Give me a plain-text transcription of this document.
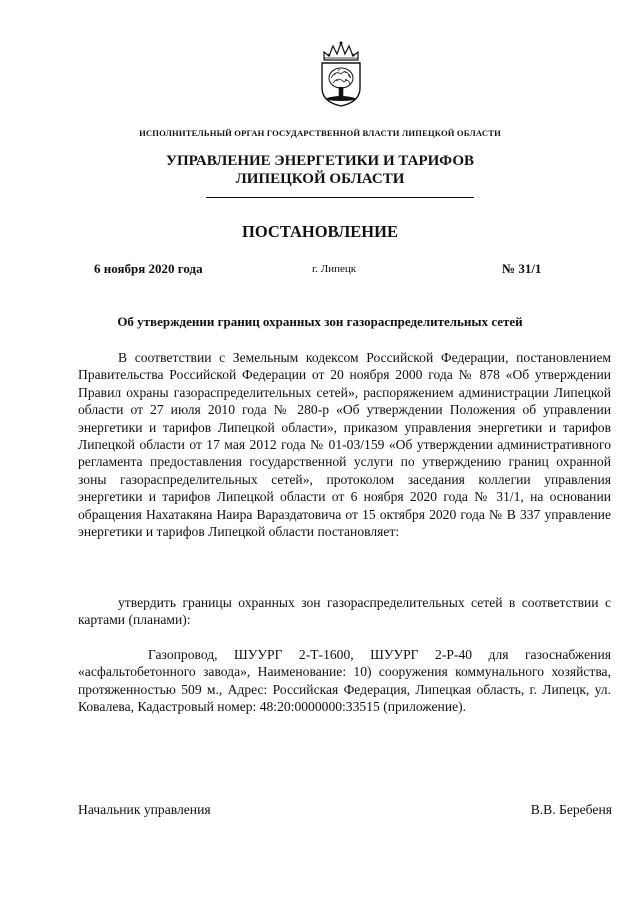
ИСПОЛНИТЕЛЬНЫЙ ОРГАН ГОСУДАРСТВЕННОЙ ВЛАСТИ ЛИПЕЦКОЙ ОБЛАСТИ
УПРАВЛЕНИЕ ЭНЕРГЕТИКИ И ТАРИФОВ
ЛИПЕЦКОЙ ОБЛАСТИ
ПОСТАНОВЛЕНИЕ
6 ноября 2020 года	г. Липецк	№ 31/1
Об утверждении границ охранных зон газораспределительных сетей

В соответствии с Земельным кодексом Российской Федерации, постановлением Правительства Российской Федерации от 20 ноября 2000 года № 878 «Об утверждении Правил охраны газораспределительных сетей», распоряжением администрации Липецкой области от 27 июля 2010 года № 280-р «Об утверждении Положения об управлении энергетики и тарифов Липецкой области», приказом управления энергетики и тарифов Липецкой области от 17 мая 2012 года № 01-03/159 «Об утверждении административного регламента предоставления государственной услуги по утверждению границ охранной зоны газораспределительных сетей», протоколом заседания коллегии управления энергетики и тарифов Липецкой области от 6 ноября 2020 года № 31/1, на основании обращения Нахатакяна Наира Вараздатовича от 15 октября 2020 года № В 337 управление энергетики и тарифов Липецкой области постановляет:

утвердить границы охранных зон газораспределительных сетей в соответствии с картами (планами):

Газопровод, ШУУРГ 2-Т-1600, ШУУРГ 2-Р-40 для газоснабжения «асфальтобетонного завода», Наименование: 10) сооружения коммунального хозяйства, протяженностью 509 м., Адрес: Российская Федерация, Липецкая область, г. Липецк, ул. Ковалева, Кадастровый номер: 48:20:0000000:33515 (приложение).

Начальник управления	В.В. Беребеня
